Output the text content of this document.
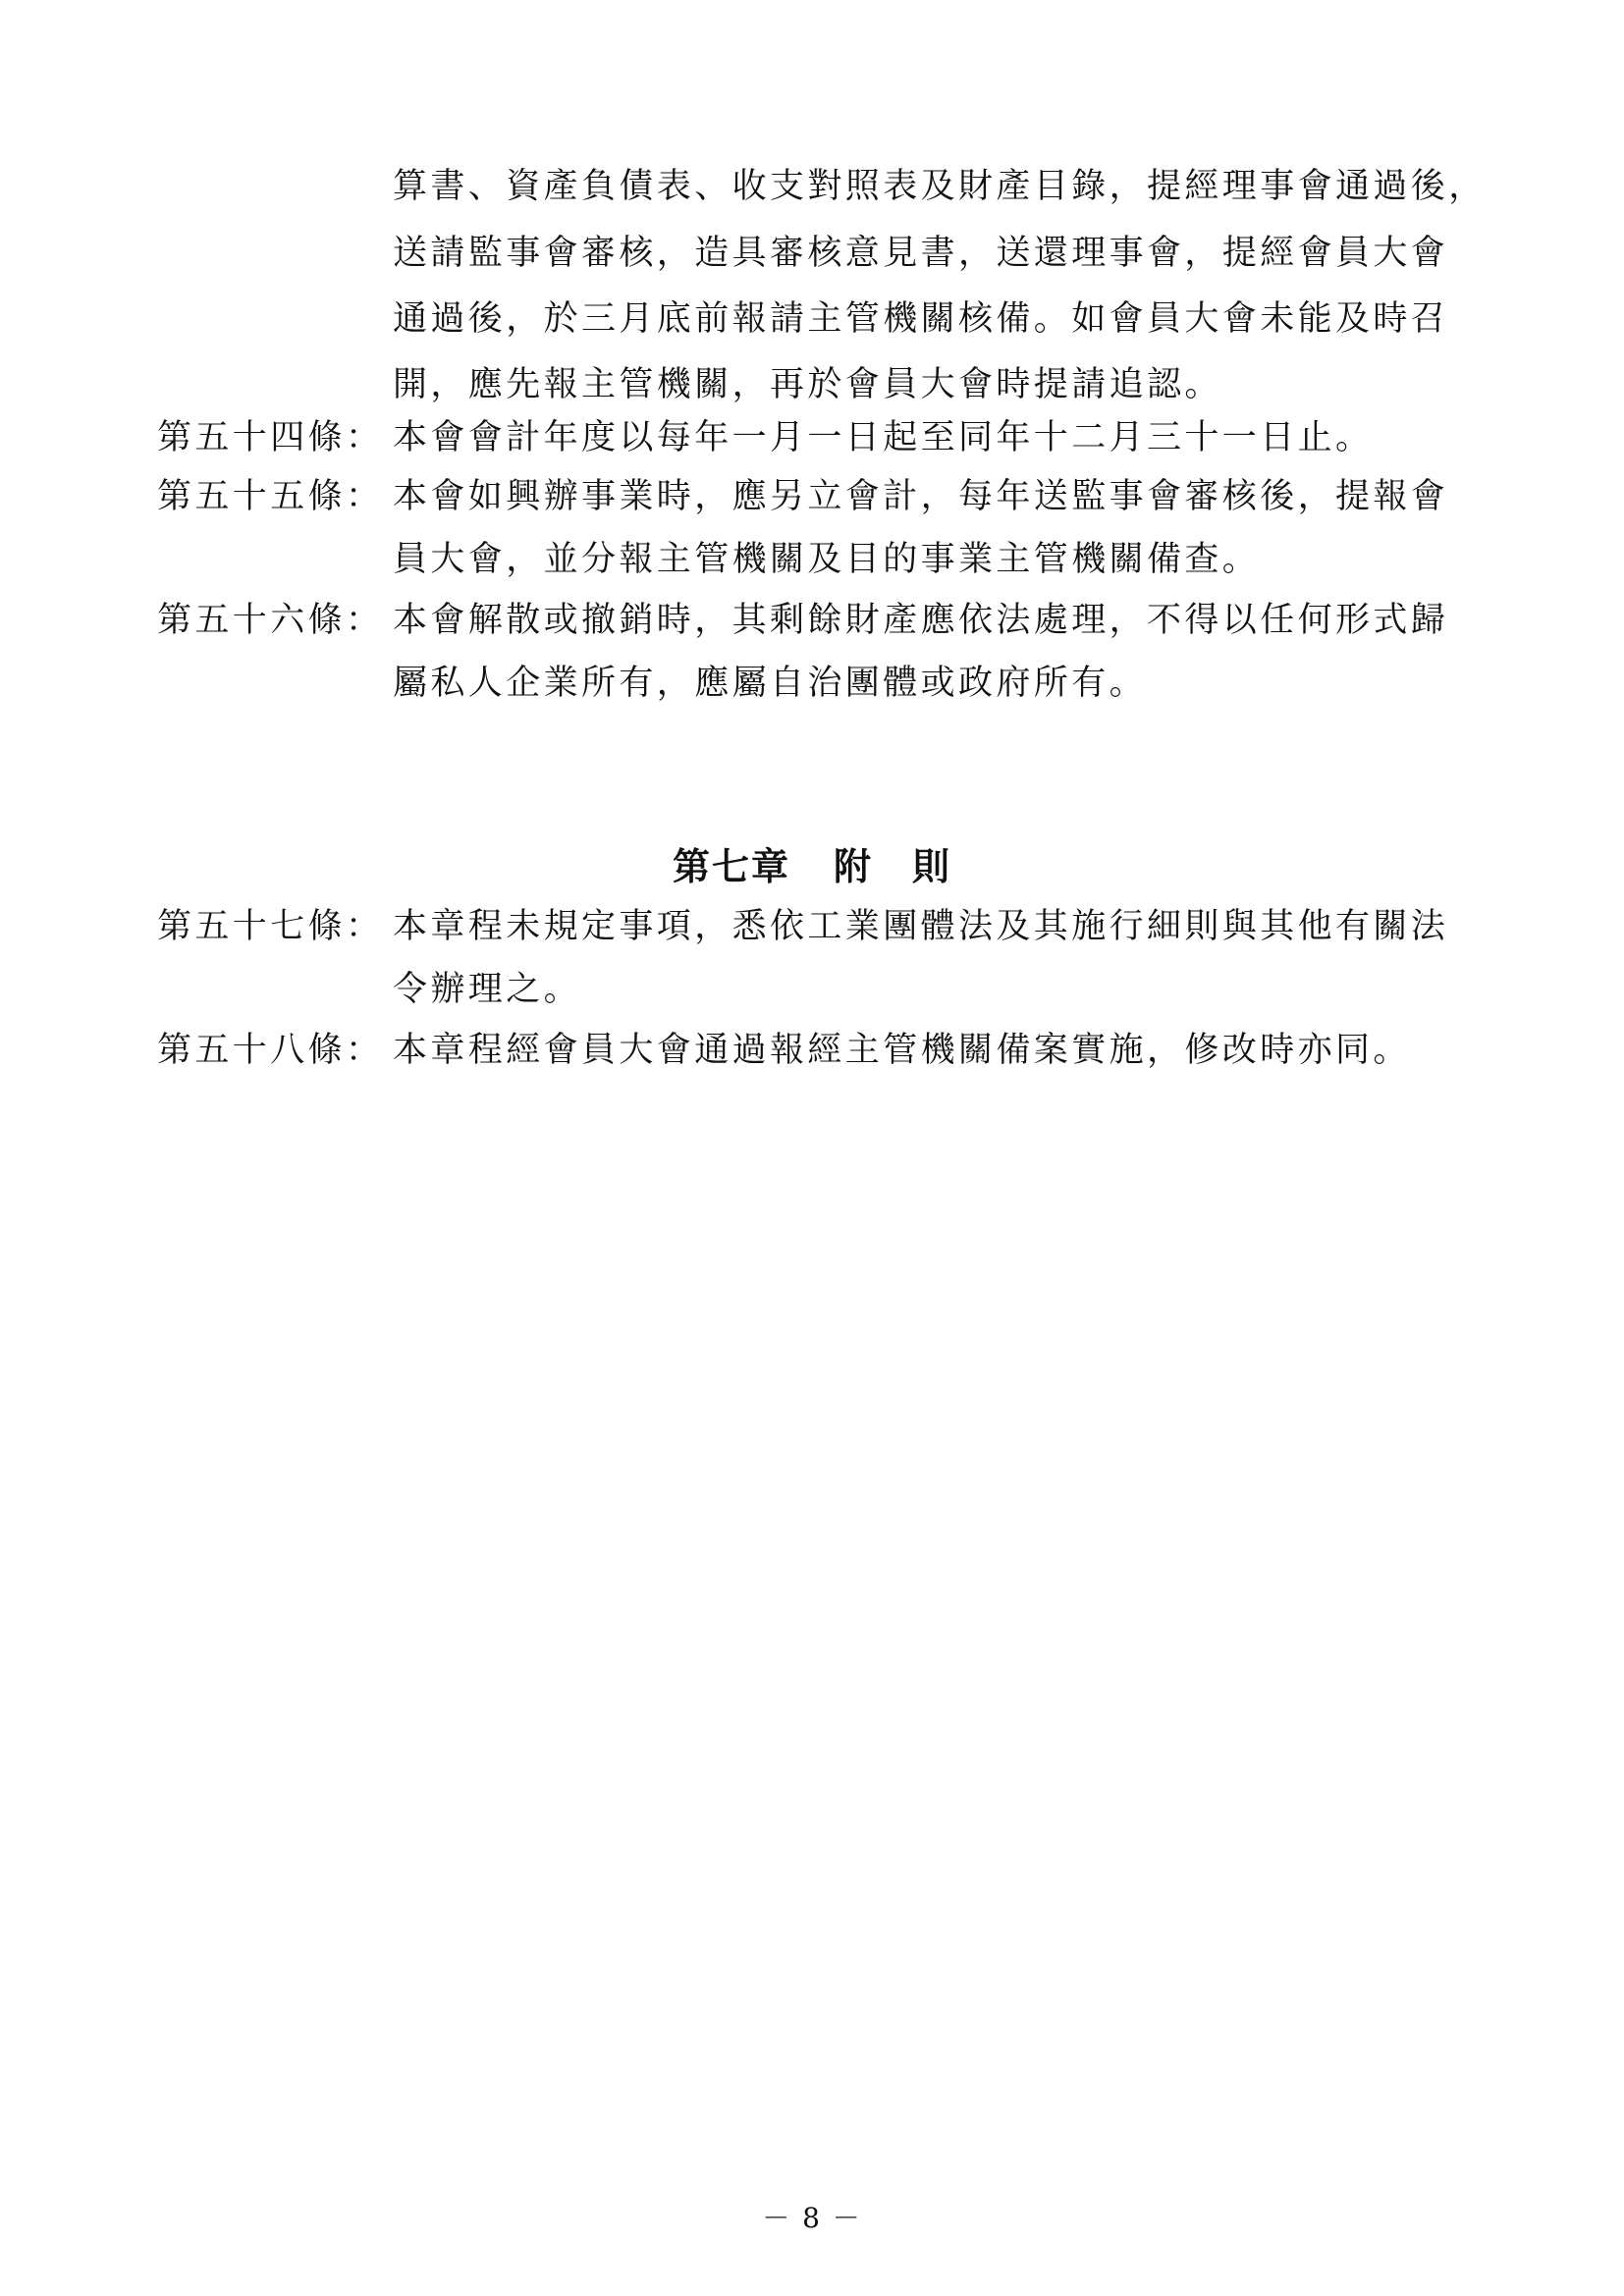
算書、資產負債表、收支對照表及財產目錄，提經理事會通過後，
送請監事會審核，造具審核意見書，送還理事會，提經會員大會
通過後，於三月底前報請主管機關核備。如會員大會未能及時召
開，應先報主管機關，再於會員大會時提請追認。
第五十四條： 本會會計年度以每年一月一日起至同年十二月三十一日止。
第五十五條： 本會如興辦事業時，應另立會計，每年送監事會審核後，提報會
員大會，並分報主管機關及目的事業主管機關備查。
第五十六條： 本會解散或撤銷時，其剩餘財產應依法處理，不得以任何形式歸
屬私人企業所有，應屬自治團體或政府所有。
第七章 附　則
第五十七條： 本章程未規定事項，悉依工業團體法及其施行細則與其他有關法
令辦理之。
第五十八條： 本章程經會員大會通過報經主管機關備案實施，修改時亦同。
－ 8 －
